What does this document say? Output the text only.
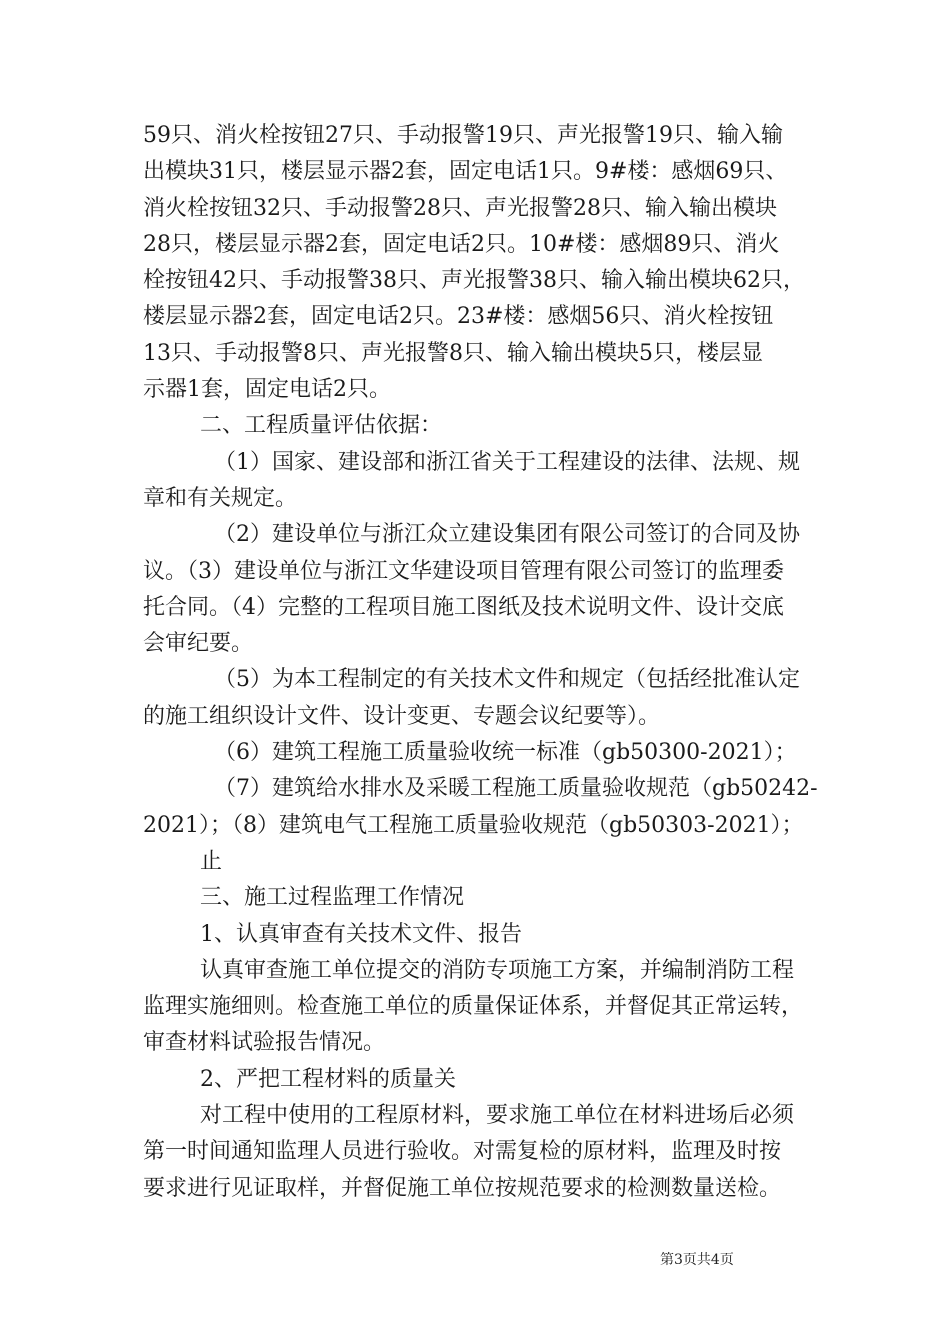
59只、消火栓按钮27只、手动报警19只、声光报警19只、输入输
出模块31只，楼层显示器2套，固定电话1只。9#楼：感烟69只、
消火栓按钮32只、手动报警28只、声光报警28只、输入输出模块
28只，楼层显示器2套，固定电话2只。10#楼：感烟89只、消火
栓按钮42只、手动报警38只、声光报警38只、输入输出模块62只，
楼层显示器2套，固定电话2只。23#楼：感烟56只、消火栓按钮
13只、手动报警8只、声光报警8只、输入输出模块5只，楼层显
示器1套，固定电话2只。
二、工程质量评估依据：
（1）国家、建设部和浙江省关于工程建设的法律、法规、规
章和有关规定。
（2）建设单位与浙江众立建设集团有限公司签订的合同及协
议。（3）建设单位与浙江文华建设项目管理有限公司签订的监理委
托合同。（4）完整的工程项目施工图纸及技术说明文件、设计交底
会审纪要。
（5）为本工程制定的有关技术文件和规定（包括经批准认定
的施工组织设计文件、设计变更、专题会议纪要等）。
（6）建筑工程施工质量验收统一标准（gb50300-2021）；
（7）建筑给水排水及采暖工程施工质量验收规范（gb50242-
2021）；（8）建筑电气工程施工质量验收规范（gb50303-2021）；
止
三、施工过程监理工作情况
1、认真审查有关技术文件、报告
认真审查施工单位提交的消防专项施工方案，并编制消防工程
监理实施细则。检查施工单位的质量保证体系，并督促其正常运转，
审查材料试验报告情况。
2、严把工程材料的质量关
对工程中使用的工程原材料，要求施工单位在材料进场后必须
第一时间通知监理人员进行验收。对需复检的原材料，监理及时按
要求进行见证取样，并督促施工单位按规范要求的检测数量送检。
第3页共4页
